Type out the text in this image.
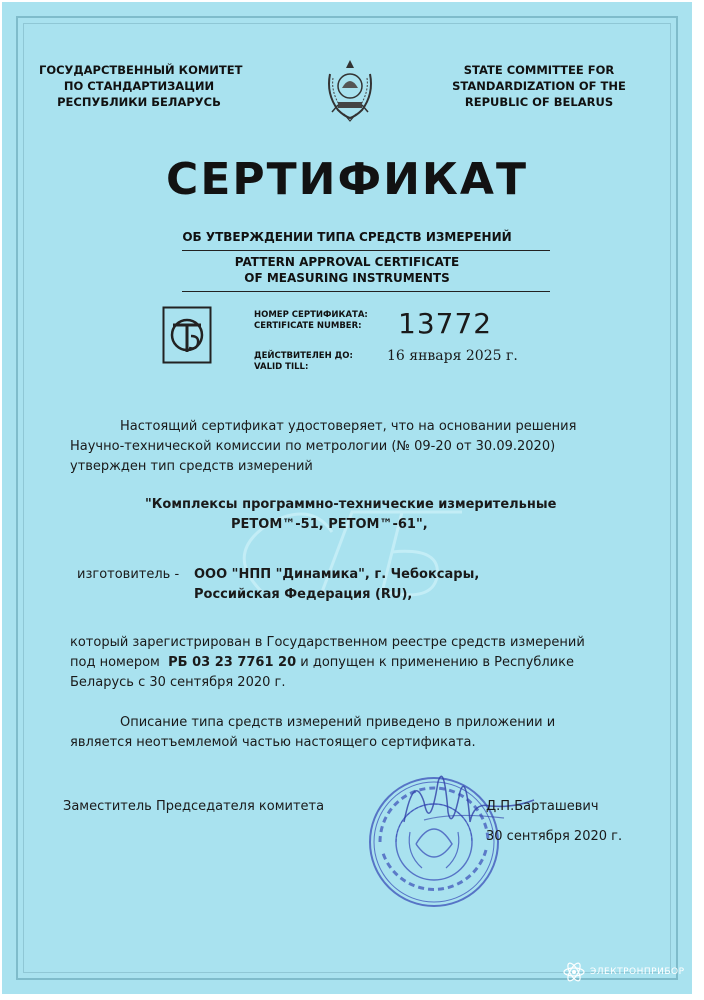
ГОСУДАРСТВЕННЫЙ КОМИТЕТ
ПО СТАНДАРТИЗАЦИИ
РЕСПУБЛИКИ БЕЛАРУСЬ
STATE COMMITTEE FOR
STANDARDIZATION OF THE
REPUBLIC OF BELARUS
СЕРТИФИКАТ
ОБ УТВЕРЖДЕНИИ ТИПА СРЕДСТВ ИЗМЕРЕНИЙ
PATTERN APPROVAL CERTIFICATE
OF MEASURING INSTRUMENTS
НОМЕР СЕРТИФИКАТА:
CERTIFICATE NUMBER: 13772
ДЕЙСТВИТЕЛЕН ДО:
VALID TILL:
16 января 2025 г.
Настоящий сертификат удостоверяет, что на основании решения
Научно-технической комиссии по метрологии (№ 09-20 от 30.09.2020)
утвержден тип средств измерений
"Комплексы программно-технические измерительные
РЕТОМ™-51, РЕТОМ™-61",
изготовитель - ООО "НПП "Динамика", г. Чебоксары,
Российская Федерация (RU),
который зарегистрирован в Государственном реестре средств измерений
под номером РБ 03 23 7761 20 и допущен к применению в Республике
Беларусь с 30 сентября 2020 г.
Описание типа средств измерений приведено в приложении и
является неотъемлемой частью настоящего сертификата.
Заместитель Председателя комитета	Д.П.Барташевич
30 сентября 2020 г.
ЭЛЕКТРОНПРИБОР
